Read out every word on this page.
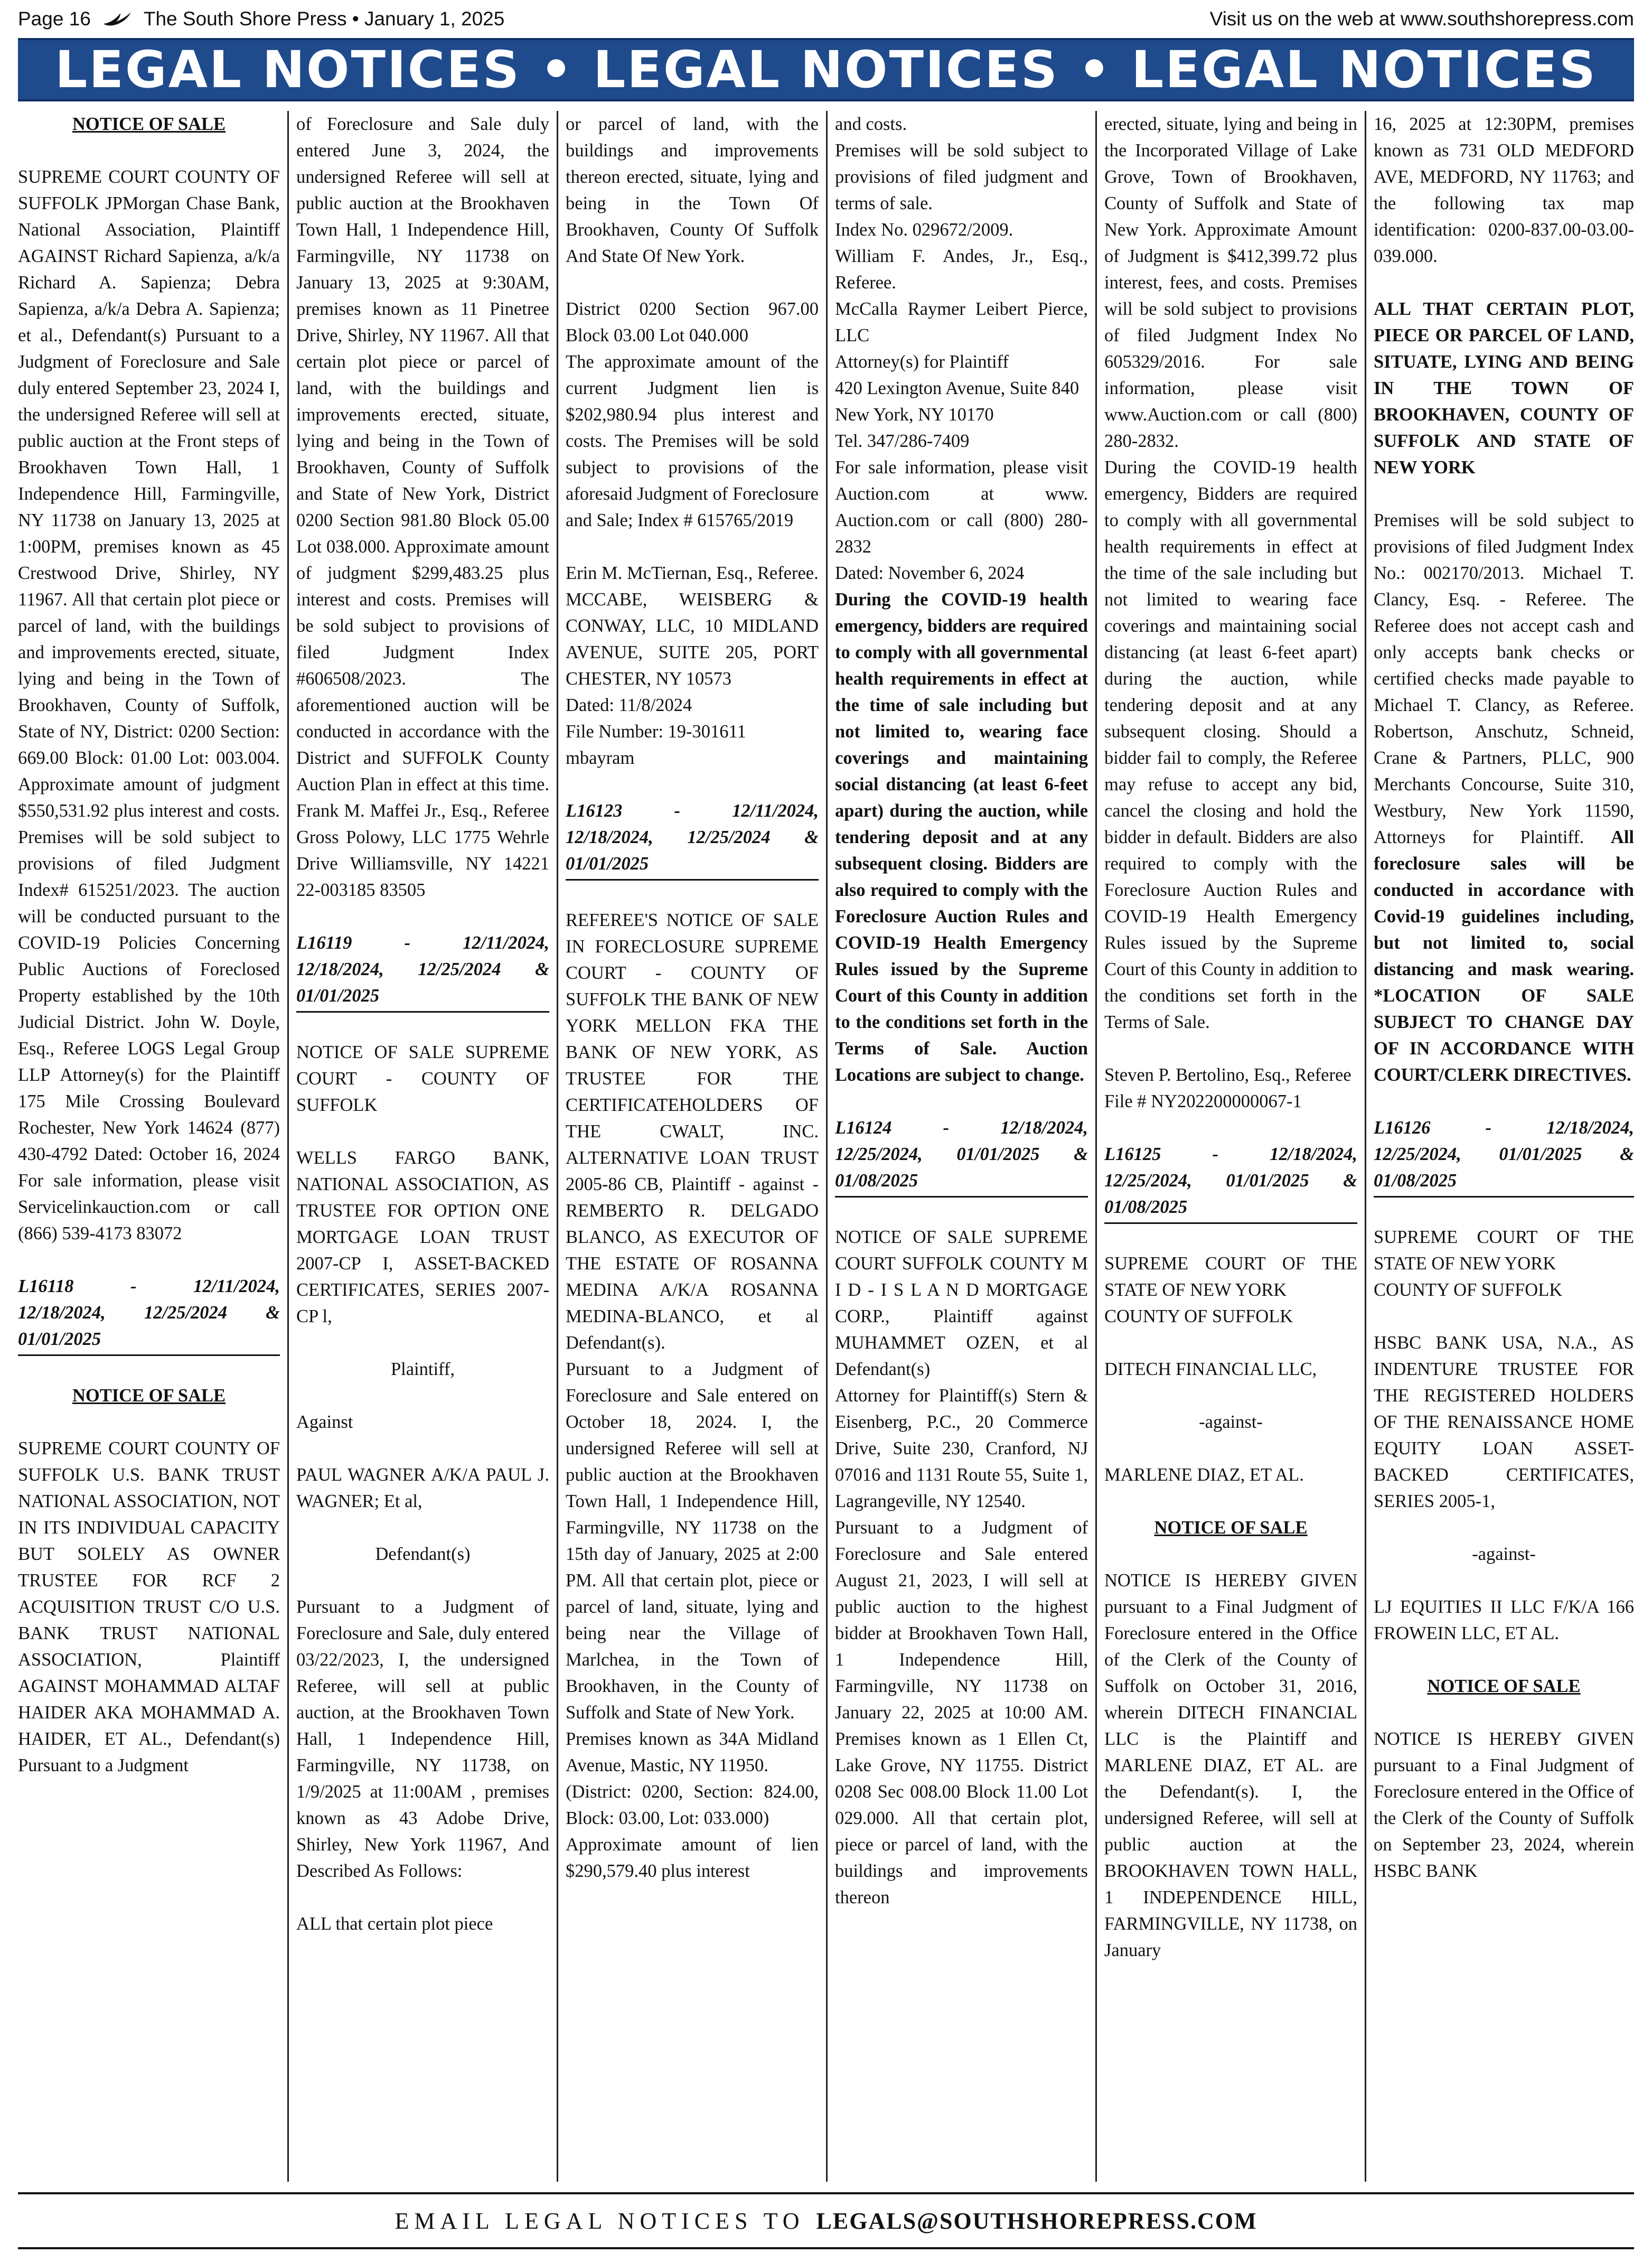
Page 16	The South Shore Press • January 1, 2025	Visit us on the web at www.southshorepress.com
LEGAL NOTICES • LEGAL NOTICES • LEGAL NOTICES

NOTICE OF SALE

SUPREME COURT COUNTY OF SUFFOLK JPMorgan Chase Bank, National Association, Plaintiff AGAINST Richard Sapienza, a/k/a Richard A. Sapienza; Debra Sapienza, a/k/a Debra A. Sapienza; et al., Defendant(s) Pursuant to a Judgment of Foreclosure and Sale duly entered September 23, 2024 I, the undersigned Referee will sell at public auction at the Front steps of Brookhaven Town Hall, 1 Independence Hill, Farmingville, NY 11738 on January 13, 2025 at 1:00PM, premises known as 45 Crestwood Drive, Shirley, NY 11967. All that certain plot piece or parcel of land, with the buildings and improvements erected, situate, lying and being in the Town of Brookhaven, County of Suffolk, State of NY, District: 0200 Section: 669.00 Block: 01.00 Lot: 003.004. Approximate amount of judgment $550,531.92 plus interest and costs. Premises will be sold subject to provisions of filed Judgment Index# 615251/2023. The auction will be conducted pursuant to the COVID-19 Policies Concerning Public Auctions of Foreclosed Property established by the 10th Judicial District. John W. Doyle, Esq., Referee LOGS Legal Group LLP Attorney(s) for the Plaintiff 175 Mile Crossing Boulevard Rochester, New York 14624 (877) 430-4792 Dated: October 16, 2024 For sale information, please visit Servicelinkauction.com or call (866) 539-4173 83072

L16118 - 12/11/2024,
12/18/2024, 12/25/2024 &
01/01/2025

NOTICE OF SALE

SUPREME COURT COUNTY OF SUFFOLK U.S. BANK TRUST NATIONAL ASSOCIATION, NOT IN ITS INDIVIDUAL CAPACITY BUT SOLELY AS OWNER TRUSTEE FOR RCF 2 ACQUISITION TRUST C/O U.S. BANK TRUST NATIONAL ASSOCIATION, Plaintiff AGAINST MOHAMMAD ALTAF HAIDER AKA MOHAMMAD A. HAIDER, ET AL., Defendant(s) Pursuant to a Judgment

of Foreclosure and Sale duly entered June 3, 2024, the undersigned Referee will sell at public auction at the Brookhaven Town Hall, 1 Independence Hill, Farmingville, NY 11738 on January 13, 2025 at 9:30AM, premises known as 11 Pinetree Drive, Shirley, NY 11967. All that certain plot piece or parcel of land, with the buildings and improvements erected, situate, lying and being in the Town of Brookhaven, County of Suffolk and State of New York, District 0200 Section 981.80 Block 05.00 Lot 038.000. Approximate amount of judgment $299,483.25 plus interest and costs. Premises will be sold subject to provisions of filed Judgment Index #606508/2023. The aforementioned auction will be conducted in accordance with the District and SUFFOLK County Auction Plan in effect at this time. Frank M. Maffei Jr., Esq., Referee Gross Polowy, LLC 1775 Wehrle Drive Williamsville, NY 14221 22-003185 83505

L16119 - 12/11/2024,
12/18/2024, 12/25/2024 &
01/01/2025

NOTICE OF SALE SUPREME COURT - COUNTY OF SUFFOLK

WELLS FARGO BANK, NATIONAL ASSOCIATION, AS TRUSTEE FOR OPTION ONE MORTGAGE LOAN TRUST 2007-CP I, ASSET-BACKED CERTIFICATES, SERIES 2007-CP l,

Plaintiff,

Against

PAUL WAGNER A/K/A PAUL J. WAGNER; Et al,

Defendant(s)

Pursuant to a Judgment of Foreclosure and Sale, duly entered 03/22/2023, I, the undersigned Referee, will sell at public auction, at the Brookhaven Town Hall, 1 Independence Hill, Farmingville, NY 11738, on 1/9/2025 at 11:00AM , premises known as 43 Adobe Drive, Shirley, New York 11967, And Described As Follows:

ALL that certain plot piece

or parcel of land, with the buildings and improvements thereon erected, situate, lying and being in the Town Of Brookhaven, County Of Suffolk And State Of New York.

District 0200 Section 967.00 Block 03.00 Lot 040.000

The approximate amount of the current Judgment lien is $202,980.94 plus interest and costs. The Premises will be sold subject to provisions of the aforesaid Judgment of Foreclosure and Sale; Index # 615765/2019

Erin M. McTiernan, Esq., Referee.

MCCABE, WEISBERG & CONWAY, LLC, 10 MIDLAND AVENUE, SUITE 205, PORT CHESTER, NY 10573

Dated: 11/8/2024

File Number: 19-301611

mbayram

L16123 - 12/11/2024,
12/18/2024, 12/25/2024 &
01/01/2025

REFEREE'S NOTICE OF SALE IN FORECLOSURE SUPREME COURT - COUNTY OF SUFFOLK THE BANK OF NEW YORK MELLON FKA THE BANK OF NEW YORK, AS TRUSTEE FOR THE CERTIFICATEHOLDERS OF THE CWALT, INC. ALTERNATIVE LOAN TRUST 2005-86 CB, Plaintiff - against - REMBERTO R. DELGADO BLANCO, AS EXECUTOR OF THE ESTATE OF ROSANNA MEDINA A/K/A ROSANNA MEDINA-BLANCO, et al Defendant(s).

Pursuant to a Judgment of Foreclosure and Sale entered on October 18, 2024. I, the undersigned Referee will sell at public auction at the Brookhaven Town Hall, 1 Independence Hill, Farmingville, NY 11738 on the 15th day of January, 2025 at 2:00 PM. All that certain plot, piece or parcel of land, situate, lying and being near the Village of Marlchea, in the Town of Brookhaven, in the County of Suffolk and State of New York.

Premises known as 34A Midland Avenue, Mastic, NY 11950.

(District: 0200, Section: 824.00, Block: 03.00, Lot: 033.000)

Approximate amount of lien $290,579.40 plus interest

and costs.

Premises will be sold subject to provisions of filed judgment and terms of sale.

Index No. 029672/2009.

William F. Andes, Jr., Esq., Referee.

McCalla Raymer Leibert Pierce, LLC

Attorney(s) for Plaintiff

420 Lexington Avenue, Suite 840

New York, NY 10170

Tel. 347/286-7409

For sale information, please visit Auction.com at www. Auction.com or call (800) 280-2832

Dated: November 6, 2024

During the COVID-19 health emergency, bidders are required to comply with all governmental health requirements in effect at the time of sale including but not limited to, wearing face coverings and maintaining social distancing (at least 6-feet apart) during the auction, while tendering deposit and at any subsequent closing. Bidders are also required to comply with the Foreclosure Auction Rules and COVID-19 Health Emergency Rules issued by the Supreme Court of this County in addition to the conditions set forth in the Terms of Sale. Auction Locations are subject to change.

L16124 - 12/18/2024,
12/25/2024, 01/01/2025 &
01/08/2025

NOTICE OF SALE SUPREME COURT SUFFOLK COUNTY M I D - I S L A N D MORTGAGE CORP., Plaintiff against MUHAMMET OZEN, et al Defendant(s)

Attorney for Plaintiff(s) Stern & Eisenberg, P.C., 20 Commerce Drive, Suite 230, Cranford, NJ 07016 and 1131 Route 55, Suite 1, Lagrangeville, NY 12540.

Pursuant to a Judgment of Foreclosure and Sale entered August 21, 2023, I will sell at public auction to the highest bidder at Brookhaven Town Hall, 1 Independence Hill, Farmingville, NY 11738 on January 22, 2025 at 10:00 AM. Premises known as 1 Ellen Ct, Lake Grove, NY 11755. District 0208 Sec 008.00 Block 11.00 Lot 029.000. All that certain plot, piece or parcel of land, with the buildings and improvements thereon

erected, situate, lying and being in the Incorporated Village of Lake Grove, Town of Brookhaven, County of Suffolk and State of New York. Approximate Amount of Judgment is $412,399.72 plus interest, fees, and costs. Premises will be sold subject to provisions of filed Judgment Index No 605329/2016. For sale information, please visit www.Auction.com or call (800) 280-2832.

During the COVID-19 health emergency, Bidders are required to comply with all governmental health requirements in effect at the time of the sale including but not limited to wearing face coverings and maintaining social distancing (at least 6-feet apart) during the auction, while tendering deposit and at any subsequent closing. Should a bidder fail to comply, the Referee may refuse to accept any bid, cancel the closing and hold the bidder in default. Bidders are also required to comply with the Foreclosure Auction Rules and COVID-19 Health Emergency Rules issued by the Supreme Court of this County in addition to the conditions set forth in the Terms of Sale.

Steven P. Bertolino, Esq., Referee

File # NY202200000067-1

L16125 - 12/18/2024,
12/25/2024, 01/01/2025 &
01/08/2025

SUPREME COURT OF THE STATE OF NEW YORK

COUNTY OF SUFFOLK

DITECH FINANCIAL LLC,

-against-

MARLENE DIAZ, ET AL.

NOTICE OF SALE

NOTICE IS HEREBY GIVEN pursuant to a Final Judgment of Foreclosure entered in the Office of the Clerk of the County of Suffolk on October 31, 2016, wherein DITECH FINANCIAL LLC is the Plaintiff and MARLENE DIAZ, ET AL. are the Defendant(s). I, the undersigned Referee, will sell at public auction at the BROOKHAVEN TOWN HALL, 1 INDEPENDENCE HILL, FARMINGVILLE, NY 11738, on January

16, 2025 at 12:30PM, premises known as 731 OLD MEDFORD AVE, MEDFORD, NY 11763; and the following tax map identification: 0200-837.00-03.00-039.000.

ALL THAT CERTAIN PLOT, PIECE OR PARCEL OF LAND, SITUATE, LYING AND BEING IN THE TOWN OF BROOKHAVEN, COUNTY OF SUFFOLK AND STATE OF NEW YORK

Premises will be sold subject to provisions of filed Judgment Index No.: 002170/2013. Michael T. Clancy, Esq. - Referee. The Referee does not accept cash and only accepts bank checks or certified checks made payable to Michael T. Clancy, as Referee. Robertson, Anschutz, Schneid, Crane & Partners, PLLC, 900 Merchants Concourse, Suite 310, Westbury, New York 11590, Attorneys for Plaintiff. All foreclosure sales will be conducted in accordance with Covid-19 guidelines including, but not limited to, social distancing and mask wearing. *LOCATION OF SALE SUBJECT TO CHANGE DAY OF IN ACCORDANCE WITH COURT/CLERK DIRECTIVES.

L16126 - 12/18/2024,
12/25/2024, 01/01/2025 &
01/08/2025

SUPREME COURT OF THE STATE OF NEW YORK

COUNTY OF SUFFOLK

HSBC BANK USA, N.A., AS INDENTURE TRUSTEE FOR THE REGISTERED HOLDERS OF THE RENAISSANCE HOME EQUITY LOAN ASSET-BACKED CERTIFICATES, SERIES 2005-1,

-against-

LJ EQUITIES II LLC F/K/A 166 FROWEIN LLC, ET AL.

NOTICE OF SALE

NOTICE IS HEREBY GIVEN pursuant to a Final Judgment of Foreclosure entered in the Office of the Clerk of the County of Suffolk on September 23, 2024, wherein HSBC BANK

EMAIL LEGAL NOTICES TO LEGALS@SOUTHSHOREPRESS.COM
